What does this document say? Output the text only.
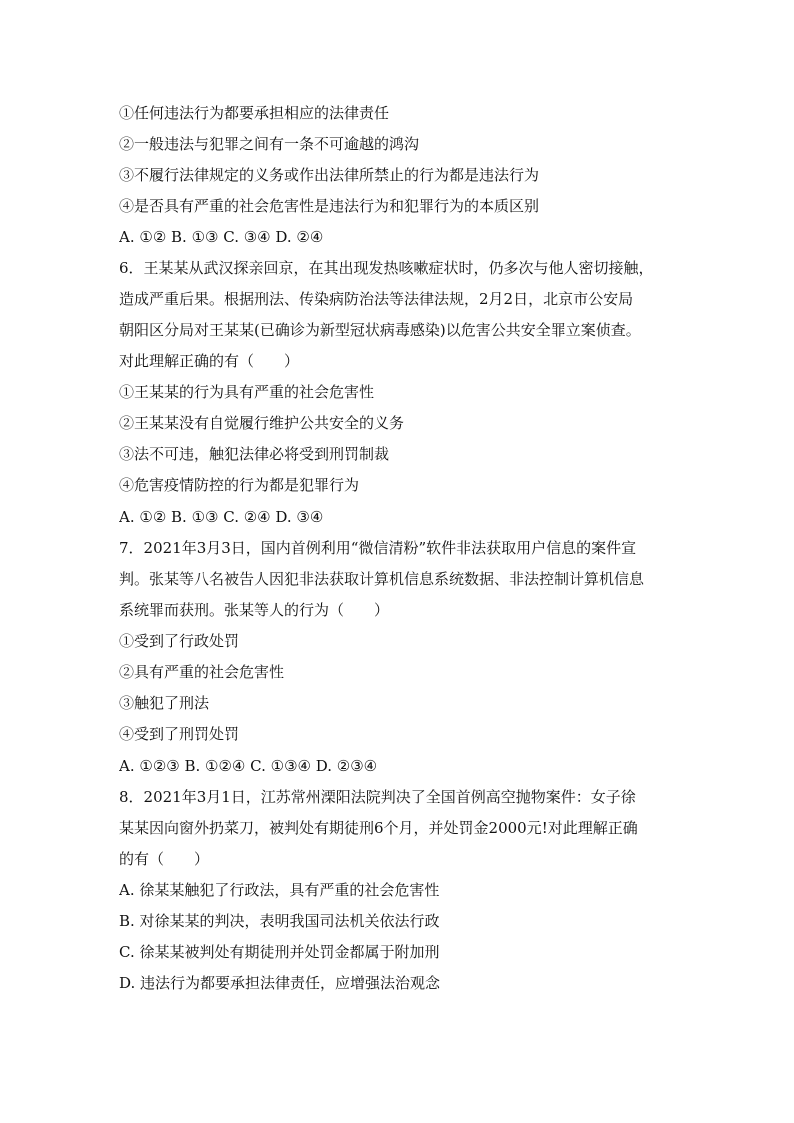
①任何违法行为都要承担相应的法律责任
②一般违法与犯罪之间有一条不可逾越的鸿沟
③不履行法律规定的义务或作出法律所禁止的行为都是违法行为
④是否具有严重的社会危害性是违法行为和犯罪行为的本质区别
A. ①② B. ①③ C. ③④ D. ②④
6．王某某从武汉探亲回京，在其出现发热咳嗽症状时，仍多次与他人密切接触，
造成严重后果。根据刑法、传染病防治法等法律法规，2月2日，北京市公安局
朝阳区分局对王某某(已确诊为新型冠状病毒感染)以危害公共安全罪立案侦查。
对此理解正确的有（　　）
①王某某的行为具有严重的社会危害性
②王某某没有自觉履行维护公共安全的义务
③法不可违，触犯法律必将受到刑罚制裁
④危害疫情防控的行为都是犯罪行为
A. ①② B. ①③ C. ②④ D. ③④
7．2021年3月3日，国内首例利用“微信清粉”软件非法获取用户信息的案件宣
判。张某等八名被告人因犯非法获取计算机信息系统数据、非法控制计算机信息
系统罪而获刑。张某等人的行为（　　）
①受到了行政处罚
②具有严重的社会危害性
③触犯了刑法
④受到了刑罚处罚
A. ①②③ B. ①②④ C. ①③④ D. ②③④
8．2021年3月1日，江苏常州溧阳法院判决了全国首例高空抛物案件：女子徐
某某因向窗外扔菜刀，被判处有期徒刑6个月，并处罚金2000元!对此理解正确
的有（　　）
A. 徐某某触犯了行政法，具有严重的社会危害性
B. 对徐某某的判决，表明我国司法机关依法行政
C. 徐某某被判处有期徒刑并处罚金都属于附加刑
D. 违法行为都要承担法律责任，应增强法治观念
